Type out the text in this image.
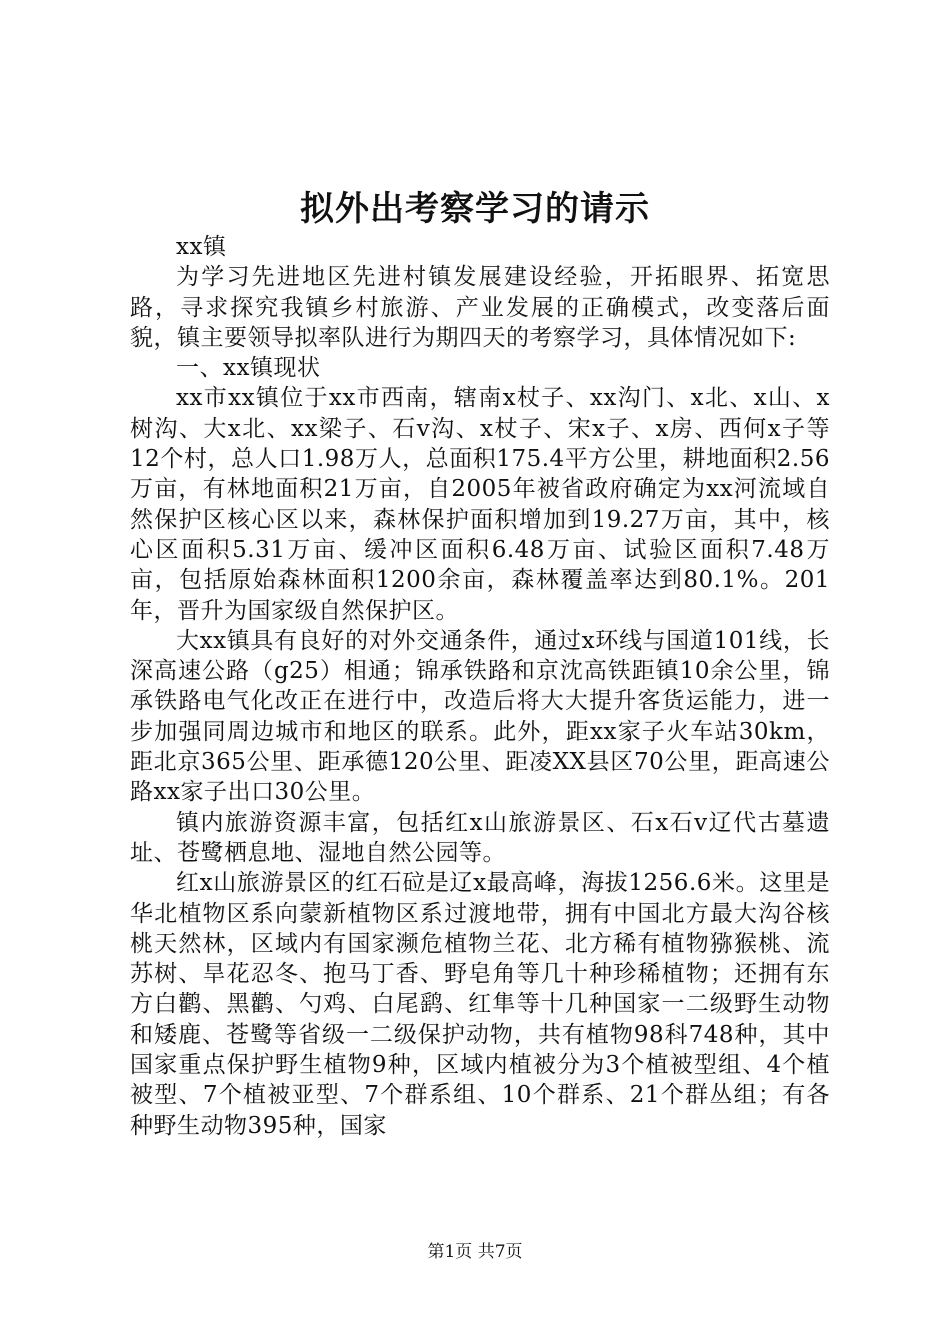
拟外出考察学习的请示

xx镇

为学习先进地区先进村镇发展建设经验，开拓眼界、拓宽思路，寻求探究我镇乡村旅游、产业发展的正确模式，改变落后面貌，镇主要领导拟率队进行为期四天的考察学习，具体情况如下:

一、xx镇现状

xx市xx镇位于xx市西南，辖南x杖子、xx沟门、x北、x山、x树沟、大x北、xx梁子、石v沟、x杖子、宋x子、x房、西何x子等12个村，总人口1.98万人，总面积175.4平方公里，耕地面积2.56万亩，有林地面积21万亩，自2005年被省政府确定为xx河流域自然保护区核心区以来，森林保护面积增加到19.27万亩，其中，核心区面积5.31万亩、缓冲区面积6.48万亩、试验区面积7.48万亩，包括原始森林面积1200余亩，森林覆盖率达到80.1%。201年，晋升为国家级自然保护区。

大xx镇具有良好的对外交通条件，通过x环线与国道101线，长深高速公路（g25）相通；锦承铁路和京沈高铁距镇10余公里，锦承铁路电气化改正在进行中，改造后将大大提升客货运能力，进一步加强同周边城市和地区的联系。此外，距xx家子火车站30km，距北京365公里、距承德120公里、距凌XX县区70公里，距高速公路xx家子出口30公里。

镇内旅游资源丰富，包括红x山旅游景区、石x石v辽代古墓遗址、苍鹭栖息地、湿地自然公园等。

红x山旅游景区的红石砬是辽x最高峰，海拔1256.6米。这里是华北植物区系向蒙新植物区系过渡地带，拥有中国北方最大沟谷核桃天然林，区域内有国家濒危植物兰花、北方稀有植物猕猴桃、流苏树、旱花忍冬、抱马丁香、野皂角等几十种珍稀植物；还拥有东方白鹳、黑鹳、勺鸡、白尾鹞、红隼等十几种国家一二级野生动物和矮鹿、苍鹭等省级一二级保护动物，共有植物98科748种，其中国家重点保护野生植物9种，区域内植被分为3个植被型组、4个植被型、7个植被亚型、7个群系组、10个群系、21个群丛组；有各种野生动物395种，国家

第1页 共7页
